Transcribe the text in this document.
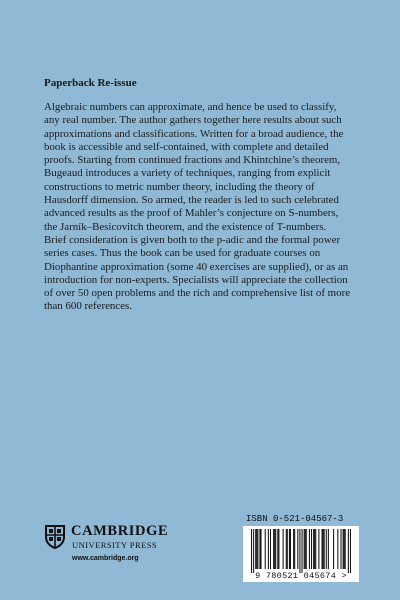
Paperback Re-issue

Algebraic numbers can approximate, and hence be used to classify,
any real number. The author gathers together here results about such
approximations and classifications. Written for a broad audience, the
book is accessible and self-contained, with complete and detailed
proofs. Starting from continued fractions and Khintchine’s theorem,
Bugeaud introduces a variety of techniques, ranging from explicit
constructions to metric number theory, including the theory of
Hausdorff dimension. So armed, the reader is led to such celebrated
advanced results as the proof of Mahler’s conjecture on S-numbers,
the Jarník–Besicovitch theorem, and the existence of T-numbers.
Brief consideration is given both to the p-adic and the formal power
series cases. Thus the book can be used for graduate courses on
Diophantine approximation (some 40 exercises are supplied), or as an
introduction for non-experts. Specialists will appreciate the collection
of over 50 open problems and the rich and comprehensive list of more
than 600 references.
CAMBRIDGE
UNIVERSITY PRESS
www.cambridge.org
ISBN 0-521-04567-3
9 780521 045674 >
